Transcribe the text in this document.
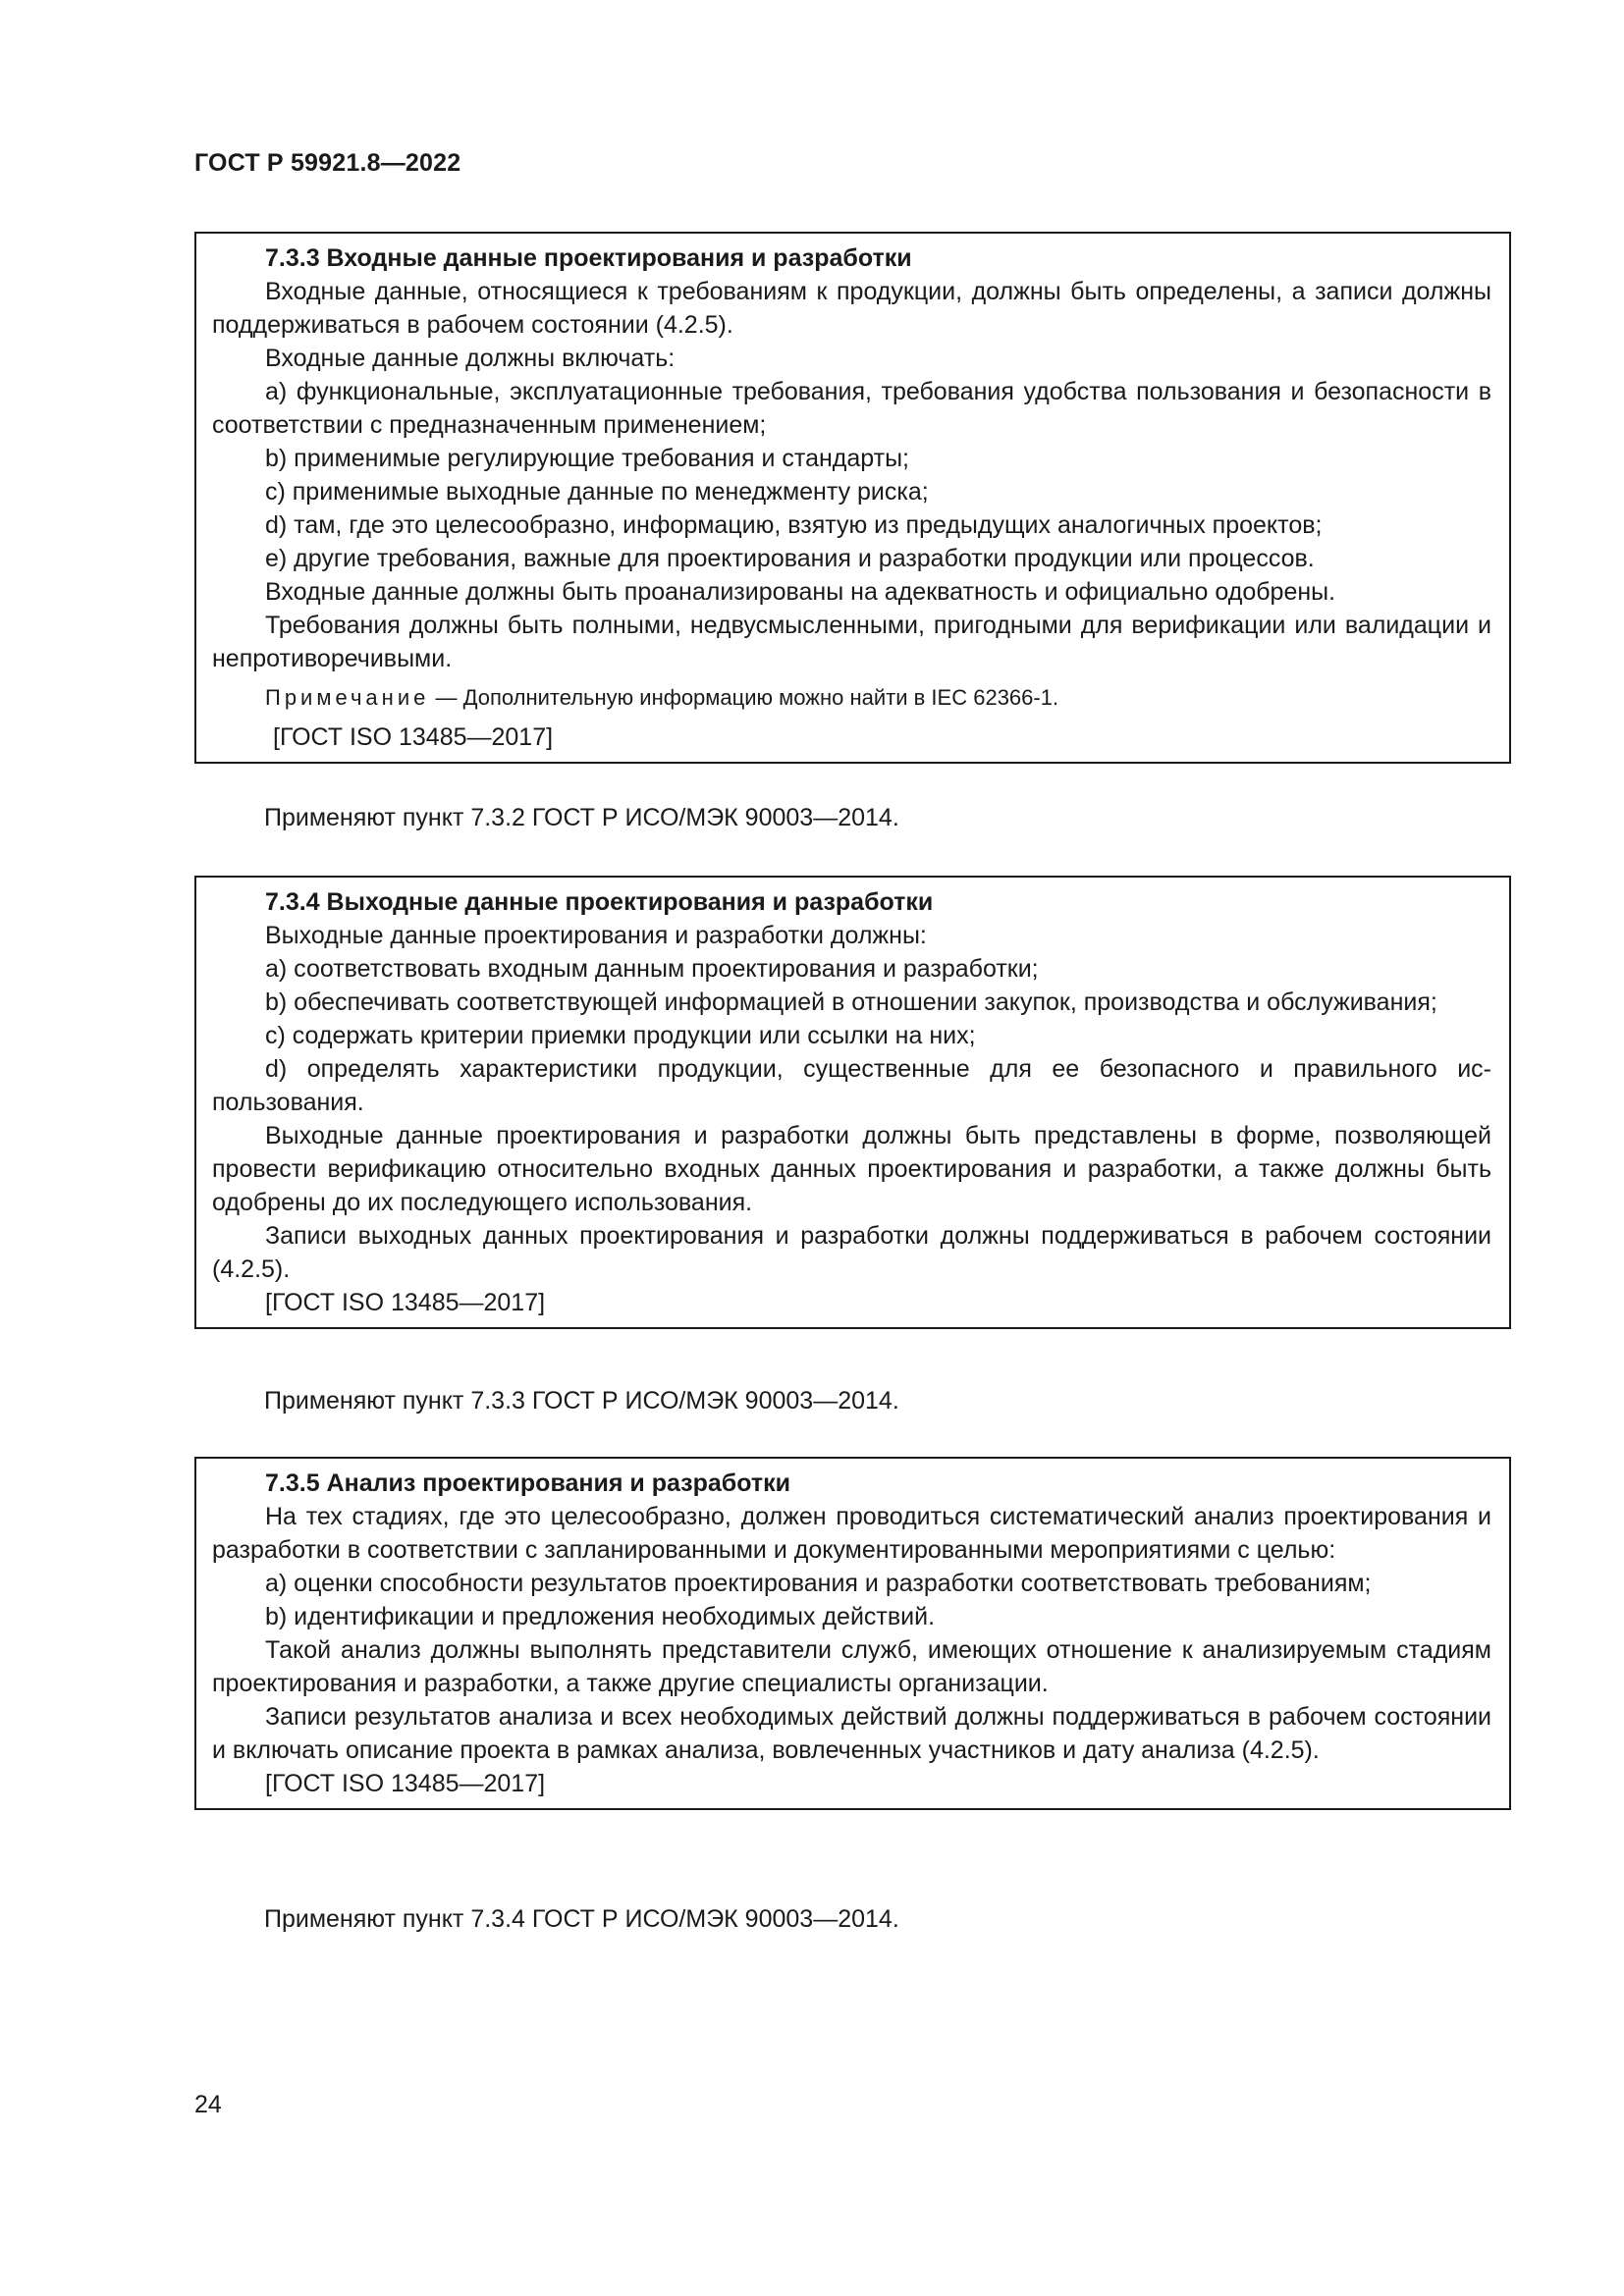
ГОСТ Р 59921.8—2022

7.3.3 Входные данные проектирования и разработки

Входные данные, относящиеся к требованиям к продукции, должны быть определены, а записи должны поддерживаться в рабочем состоянии (4.2.5).

Входные данные должны включать:

а) функциональные, эксплуатационные требования, требования удобства пользования и безопасности в соответствии с предназначенным применением;

b) применимые регулирующие требования и стандарты;

c) применимые выходные данные по менеджменту риска;

d) там, где это целесообразно, информацию, взятую из предыдущих аналогичных проектов;

e) другие требования, важные для проектирования и разработки продукции или процессов.

Входные данные должны быть проанализированы на адекватность и официально одобрены.

Требования должны быть полными, недвусмысленными, пригодными для верификации или валидации и непротиворечивыми.

Примечание — Дополнительную информацию можно найти в IEC 62366-1.

[ГОСТ ISO 13485—2017]

Применяют пункт 7.3.2 ГОСТ Р ИСО/МЭК 90003—2014.

7.3.4 Выходные данные проектирования и разработки

Выходные данные проектирования и разработки должны:

а) соответствовать входным данным проектирования и разработки;

b) обеспечивать соответствующей информацией в отношении закупок, производства и обслуживания;

c) содержать критерии приемки продукции или ссылки на них;

d) определять характеристики продукции, существенные для ее безопасного и правильного использования.

Выходные данные проектирования и разработки должны быть представлены в форме, позволяющей провести верификацию относительно входных данных проектирования и разработки, а также должны быть одобрены до их последующего использования.

Записи выходных данных проектирования и разработки должны поддерживаться в рабочем состоянии (4.2.5).

[ГОСТ ISO 13485—2017]

Применяют пункт 7.3.3 ГОСТ Р ИСО/МЭК 90003—2014.

7.3.5 Анализ проектирования и разработки

На тех стадиях, где это целесообразно, должен проводиться систематический анализ проектирования и разработки в соответствии с запланированными и документированными мероприятиями с целью:

а) оценки способности результатов проектирования и разработки соответствовать требованиям;

b) идентификации и предложения необходимых действий.

Такой анализ должны выполнять представители служб, имеющих отношение к анализируемым стадиям проектирования и разработки, а также другие специалисты организации.

Записи результатов анализа и всех необходимых действий должны поддерживаться в рабочем состоянии и включать описание проекта в рамках анализа, вовлеченных участников и дату анализа (4.2.5).

[ГОСТ ISO 13485—2017]

Применяют пункт 7.3.4 ГОСТ Р ИСО/МЭК 90003—2014.
24
